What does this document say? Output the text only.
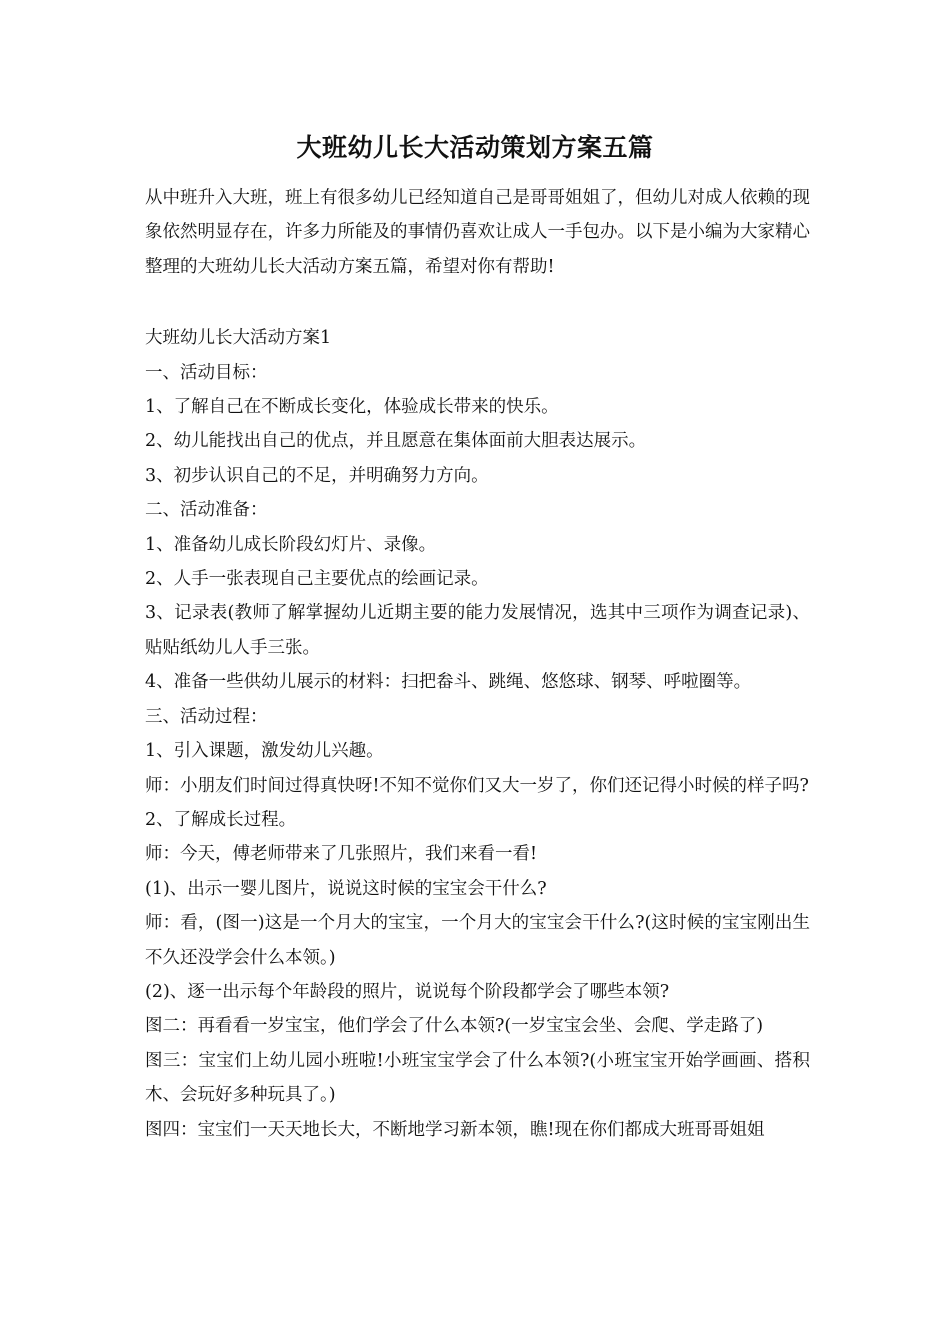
大班幼儿长大活动策划方案五篇

从中班升入大班，班上有很多幼儿已经知道自己是哥哥姐姐了，但幼儿对成人依赖的现象依然明显存在，许多力所能及的事情仍喜欢让成人一手包办。以下是小编为大家精心整理的大班幼儿长大活动方案五篇，希望对你有帮助!

大班幼儿长大活动方案1

一、活动目标：

1、了解自己在不断成长变化，体验成长带来的快乐。

2、幼儿能找出自己的优点，并且愿意在集体面前大胆表达展示。

3、初步认识自己的不足，并明确努力方向。

二、活动准备：

1、准备幼儿成长阶段幻灯片、录像。

2、人手一张表现自己主要优点的绘画记录。

3、记录表(教师了解掌握幼儿近期主要的能力发展情况，选其中三项作为调查记录)、贴贴纸幼儿人手三张。

4、准备一些供幼儿展示的材料：扫把畚斗、跳绳、悠悠球、钢琴、呼啦圈等。

三、活动过程：

1、引入课题，激发幼儿兴趣。

师：小朋友们时间过得真快呀!不知不觉你们又大一岁了，你们还记得小时候的样子吗?

2、了解成长过程。

师：今天，傅老师带来了几张照片，我们来看一看!

(1)、出示一婴儿图片，说说这时候的宝宝会干什么?

师：看，(图一)这是一个月大的宝宝，一个月大的宝宝会干什么?(这时候的宝宝刚出生不久还没学会什么本领。)

(2)、逐一出示每个年龄段的照片，说说每个阶段都学会了哪些本领?

图二：再看看一岁宝宝，他们学会了什么本领?(一岁宝宝会坐、会爬、学走路了)

图三：宝宝们上幼儿园小班啦!小班宝宝学会了什么本领?(小班宝宝开始学画画、搭积木、会玩好多种玩具了。)

图四：宝宝们一天天地长大，不断地学习新本领，瞧!现在你们都成大班哥哥姐姐
